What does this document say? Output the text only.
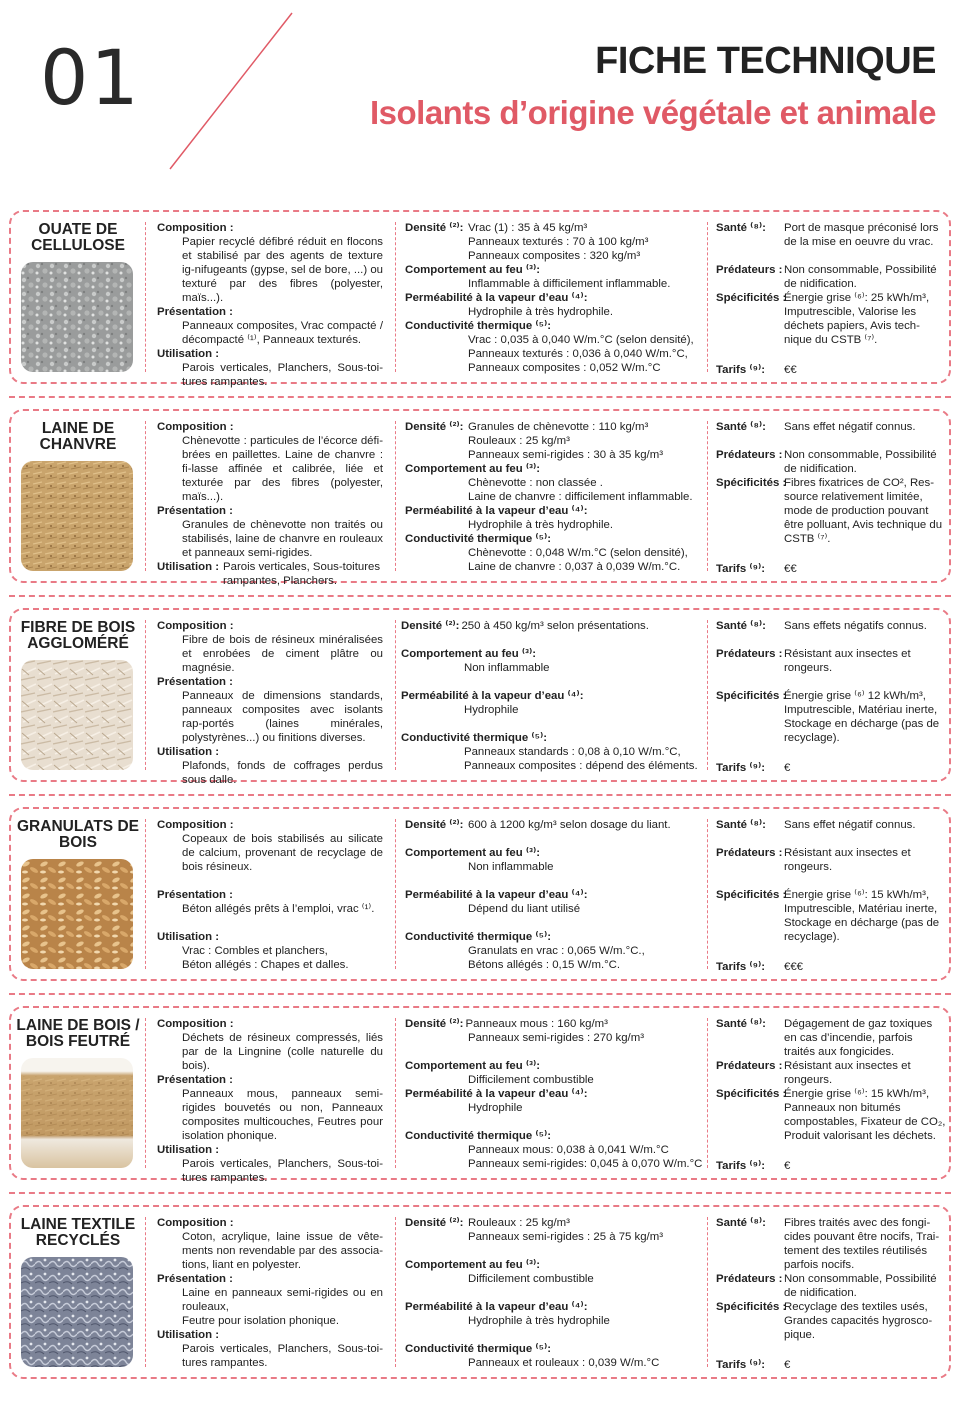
01	FICHE TECHNIQUE
Isolants d’origine végétale et animale
OUATE DE CELLULOSE
Composition :
Papier recyclé défibré réduit en flocons et stabilisé par des agents de texture ig-nifugeants (gypse, sel de bore, ...) ou texturé par des fibres (polyester, maïs...).
Présentation :
Panneaux composites, Vrac compacté / décompacté ⁽¹⁾, Panneaux texturés.
Utilisation :
Parois verticales, Planchers, Sous-toi-tures rampantes.
Densité ⁽²⁾: Vrac (1) : 35 à 45 kg/m³
Panneaux texturés : 70 à 100 kg/m³
Panneaux composites : 320 kg/m³
Comportement au feu ⁽³⁾:
Inflammable à difficilement inflammable.
Perméabilité à la vapeur d’eau ⁽⁴⁾:
Hydrophile à très hydrophile.
Conductivité thermique ⁽⁵⁾:
Vrac : 0,035 à 0,040 W/m.°C (selon densité),
Panneaux texturés : 0,036 à 0,040 W/m.°C,
Panneaux composites : 0,052 W/m.°C
Santé ⁽⁸⁾:	Port de masque préconisé lors de la mise en oeuvre du vrac.
Prédateurs : Non consommable, Possibilité de nidification.
Spécificités :
Énergie grise ⁽⁶⁾: 25 kWh/m³, Imputrescible, Valorise les déchets papiers, Avis tech-nique du CSTB ⁽⁷⁾.
Tarifs ⁽⁹⁾:	€€
LAINE DE CHANVRE
Composition :
Chènevotte : particules de l’écorce défi-brées en paillettes. Laine de chanvre : fi-lasse affinée et calibrée, liée et texturée par des fibres (polyester, maïs...).
Présentation :
Granules de chènevotte non traités ou stabilisés, laine de chanvre en rouleaux et panneaux semi-rigides.
Utilisation : Parois verticales, Sous-toitures rampantes, Planchers.
Densité ⁽²⁾: Granules de chènevotte : 110 kg/m³
Rouleaux : 25 kg/m³
Panneaux semi-rigides : 30 à 35 kg/m³
Comportement au feu ⁽³⁾:
Chènevotte : non classée .
Laine de chanvre : difficilement inflammable.
Perméabilité à la vapeur d’eau ⁽⁴⁾:
Hydrophile à très hydrophile.
Conductivité thermique ⁽⁵⁾:
Chènevotte : 0,048 W/m.°C (selon densité),
Laine de chanvre : 0,037 à 0,039 W/m.°C.
Santé ⁽⁸⁾:	Sans effet négatif connus.
Prédateurs : Non consommable, Possibilité de nidification.
Spécificités :
Fibres fixatrices de CO², Res-source relativement limitée, mode de production pouvant être polluant, Avis technique du CSTB ⁽⁷⁾.
Tarifs ⁽⁹⁾:	€€
FIBRE DE BOIS AGGLOMÉRÉ
Composition :
Fibre de bois de résineux minéralisées et enrobées de ciment plâtre ou magnésie.
Présentation :
Panneaux de dimensions standards, panneaux composites avec isolants rap-portés (laines minérales, polystyrènes...) ou finitions diverses.
Utilisation :
Plafonds, fonds de coffrages perdus sous dalle.
Densité ⁽²⁾: 250 à 450 kg/m³ selon présentations.
Comportement au feu ⁽³⁾:
Non inflammable
Perméabilité à la vapeur d’eau ⁽⁴⁾:
Hydrophile
Conductivité thermique ⁽⁵⁾:
Panneaux standards : 0,08 à 0,10 W/m.°C,
Panneaux composites : dépend des éléments.
Santé ⁽⁸⁾:	Sans effets négatifs connus.
Prédateurs : Résistant aux insectes et rongeurs.
Spécificités :
Énergie grise ⁽⁶⁾ 12 kWh/m³, Imputrescible, Matériau inerte, Stockage en décharge (pas de recyclage).
Tarifs ⁽⁹⁾:	€
GRANULATS DE BOIS
Composition :
Copeaux de bois stabilisés au silicate de calcium, provenant de recyclage de bois résineux.
Présentation :
Béton allégés prêts à l’emploi, vrac ⁽¹⁾.
Utilisation :
Vrac : Combles et planchers,
Béton allégés : Chapes et dalles.
Densité ⁽²⁾: 600 à 1200 kg/m³ selon dosage du liant.
Comportement au feu ⁽³⁾:
Non inflammable
Perméabilité à la vapeur d’eau ⁽⁴⁾:
Dépend du liant utilisé
Conductivité thermique ⁽⁵⁾:
Granulats en vrac : 0,065 W/m.°C.,
Bétons allégés : 0,15 W/m.°C.
Santé ⁽⁸⁾:	Sans effet négatif connus.
Prédateurs : Résistant aux insectes et rongeurs.
Spécificités :
Énergie grise ⁽⁶⁾: 15 kWh/m³, Imputrescible, Matériau inerte, Stockage en décharge (pas de recyclage).
Tarifs ⁽⁹⁾:	€€€
LAINE DE BOIS / BOIS FEUTRÉ
Composition :
Déchets de résineux compressés, liés par de la Lingnine (colle naturelle du bois).
Présentation :
Panneaux mous, panneaux semi-rigides bouvetés ou non, Panneaux composites multicouches, Feutres pour isolation phonique.
Utilisation :
Parois verticales, Planchers, Sous-toi-tures rampantes.
Densité ⁽²⁾: Panneaux mous : 160 kg/m³
Panneaux semi-rigides : 270 kg/m³
Comportement au feu ⁽³⁾:
Difficilement combustible
Perméabilité à la vapeur d’eau ⁽⁴⁾:
Hydrophile
Conductivité thermique ⁽⁵⁾:
Panneaux mous: 0,038 à 0,041 W/m.°C
Panneaux semi-rigides: 0,045 à 0,070 W/m.°C
Santé ⁽⁸⁾:	Dégagement de gaz toxiques en cas d’incendie, parfois traités aux fongicides.
Prédateurs : Résistant aux insectes et rongeurs.
Spécificités :
Énergie grise ⁽⁶⁾: 15 kWh/m³, Panneaux non bitumés compostables, Fixateur de CO₂, Produit valorisant les déchets.
Tarifs ⁽⁹⁾:	€
LAINE TEXTILE RECYCLÉS
Composition :
Coton, acrylique, laine issue de vête-ments non revendable par des associa-tions, liant en polyester.
Présentation :
Laine en panneaux semi-rigides ou en rouleaux,
Feutre pour isolation phonique.
Utilisation :
Parois verticales, Planchers, Sous-toi-tures rampantes.
Densité ⁽²⁾: Rouleaux : 25 kg/m³
Panneaux semi-rigides : 25 à 75 kg/m³
Comportement au feu ⁽³⁾:
Difficilement combustible
Perméabilité à la vapeur d’eau ⁽⁴⁾:
Hydrophile à très hydrophile
Conductivité thermique ⁽⁵⁾:
Panneaux et rouleaux : 0,039 W/m.°C
Santé ⁽⁸⁾:	Fibres traités avec des fongi-cides pouvant être nocifs, Trai-tement des textiles réutilisés parfois nocifs.
Prédateurs : Non consommable, Possibilité de nidification.
Spécificités :
Recyclage des textiles usés, Grandes capacités hygrosco-pique.
Tarifs ⁽⁹⁾:	€
